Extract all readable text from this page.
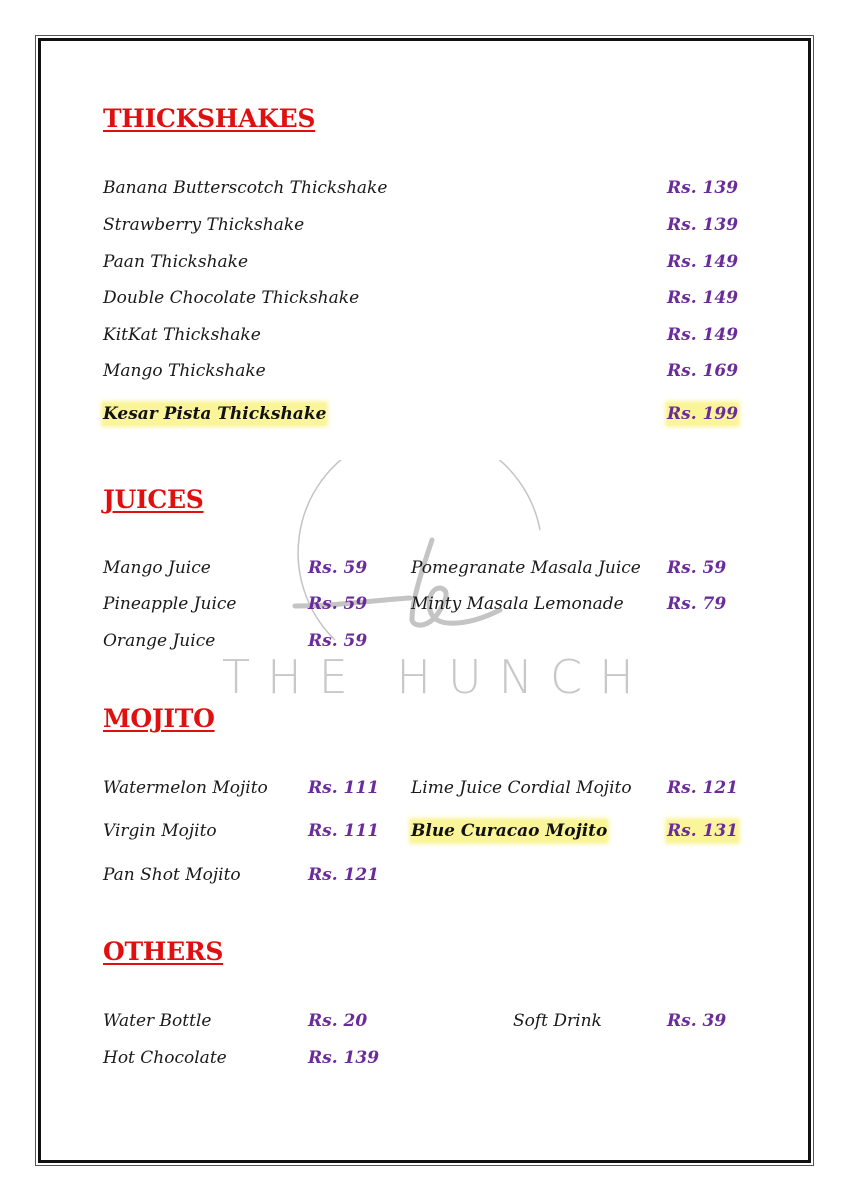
THE HUNCH
THICKSHAKES
Banana Butterscotch Thickshake	Rs. 139
Strawberry Thickshake	Rs. 139
Paan Thickshake	Rs. 149
Double Chocolate Thickshake	Rs. 149
KitKat Thickshake	Rs. 149
Mango Thickshake	Rs. 169
Kesar Pista Thickshake	Rs. 199
JUICES
Mango Juice	Rs. 59	Pomegranate Masala Juice Rs. 59
Pineapple Juice	Rs. 59	Minty Masala Lemonade	Rs. 79
Orange Juice	Rs. 59
MOJITO
Watermelon Mojito Rs. 111 Lime Juice Cordial Mojito Rs. 121
Virgin Mojito	Rs. 111 Blue Curacao Mojito	Rs. 131
Pan Shot Mojito	Rs. 121
OTHERS
Water Bottle	Rs. 20	Soft Drink	Rs. 39
Hot Chocolate	Rs. 139
